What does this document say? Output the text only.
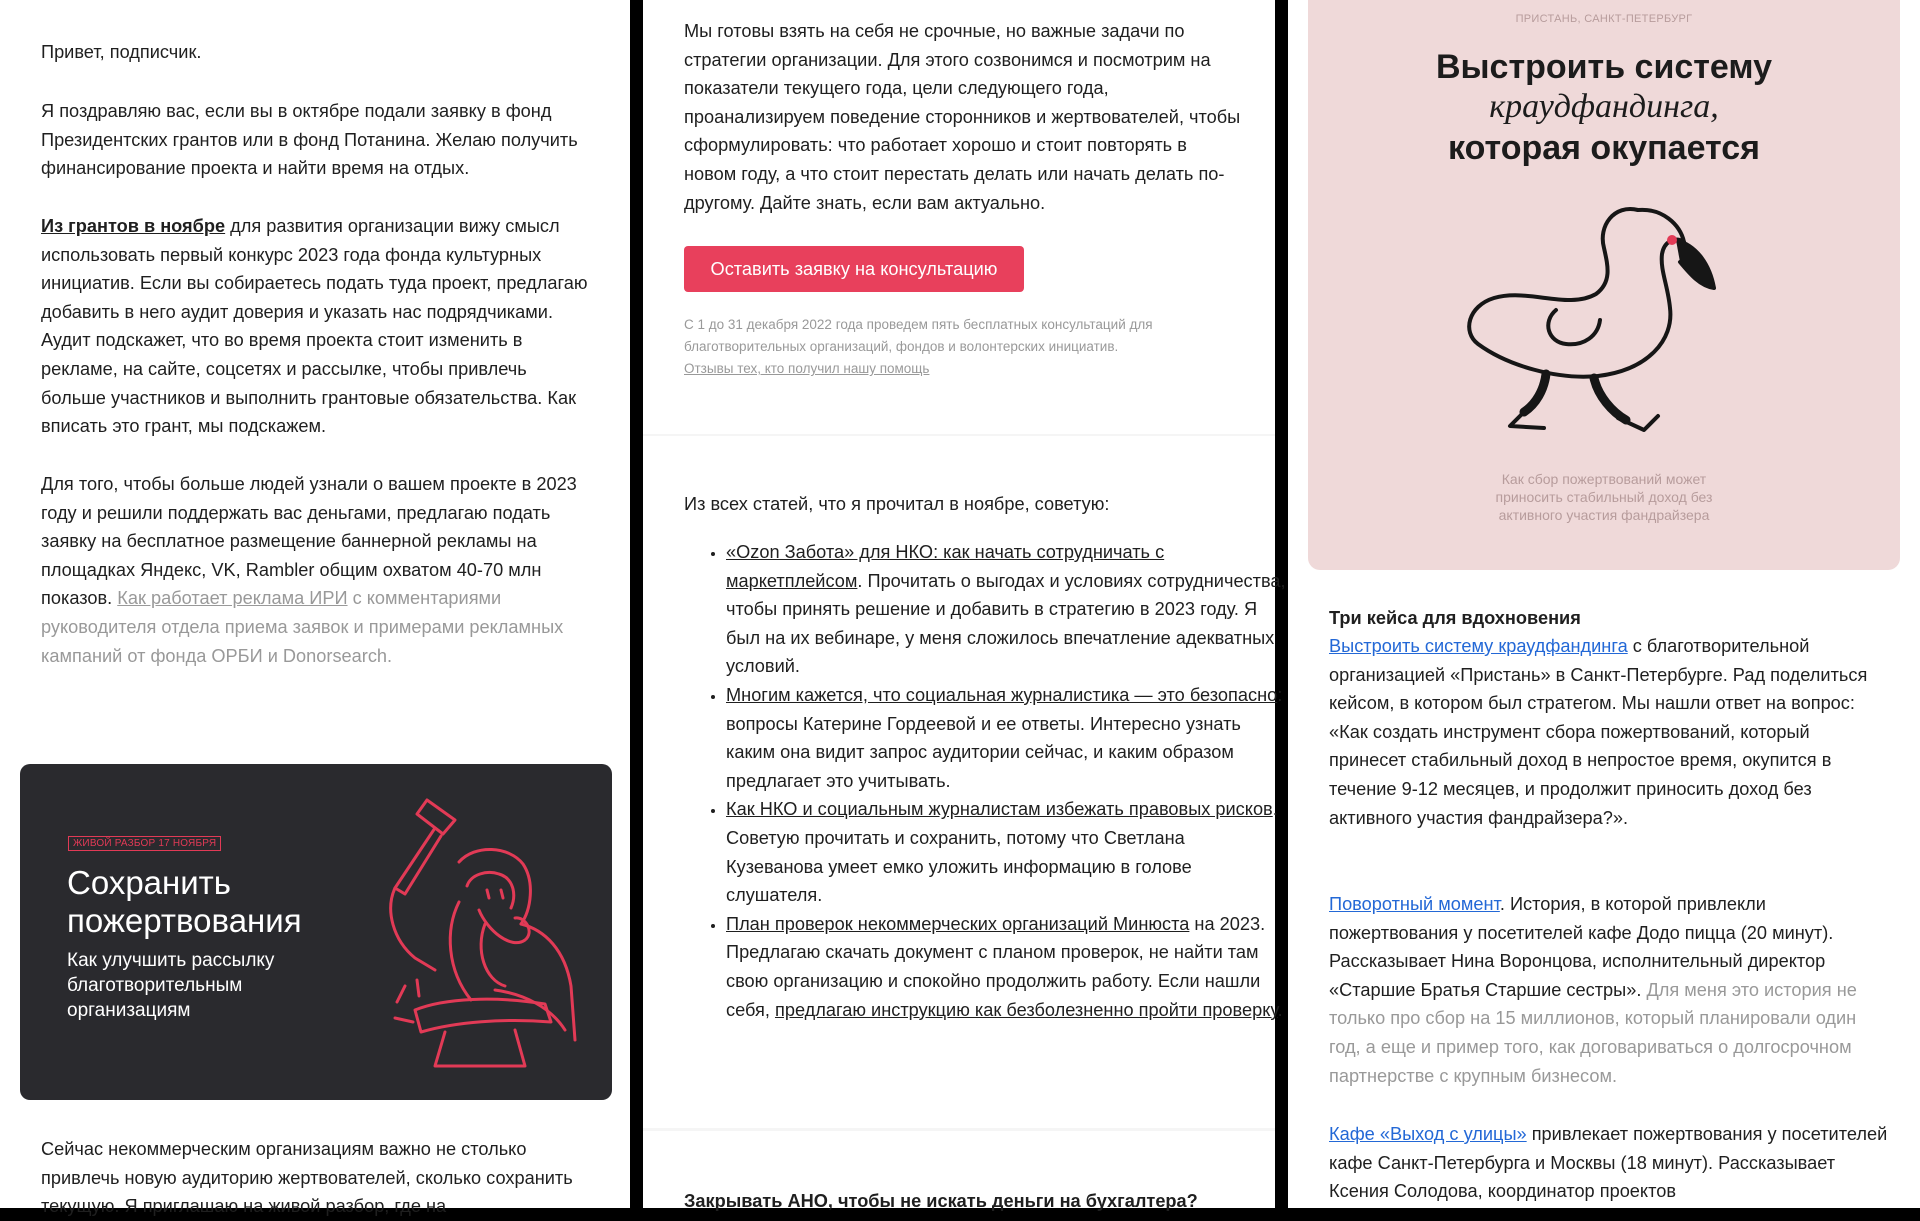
Привет, подписчик.

Я поздравляю вас, если вы в октябре подали заявку в фонд Президентских грантов или в фонд Потанина. Желаю получить финансирование проекта и найти время на отдых.

Из грантов в ноябре для развития организации вижу смысл использовать первый конкурс 2023 года фонда культурных инициатив. Если вы собираетесь подать туда проект, предлагаю добавить в него аудит доверия и указать нас подрядчиками. Аудит подскажет, что во время проекта стоит изменить в рекламе, на сайте, соцсетях и рассылке, чтобы привлечь больше участников и выполнить грантовые обязательства. Как вписать это грант, мы подскажем.

Для того, чтобы больше людей узнали о вашем проекте в 2023 году и решили поддержать вас деньгами, предлагаю подать заявку на бесплатное размещение баннерной рекламы на площадках Яндекс, VK, Rambler общим охватом 40-70 млн показов. Как работает реклама ИРИ с комментариями руководителя отдела приема заявок и примерами рекламных кампаний от фонда ОРБИ и Donorsearch.

ЖИВОЙ РАЗБОР 17 НОЯБРЯ
Сохранить пожертвования
Как улучшить рассылку благотворительным организациям

Сейчас некоммерческим организациям важно не столько привлечь новую аудиторию жертвователей, сколько сохранить текущую. Я приглашаю на живой разбор, где на

Мы готовы взять на себя не срочные, но важные задачи по стратегии организации. Для этого созвонимся и посмотрим на показатели текущего года, цели следующего года, проанализируем поведение сторонников и жертвователей, чтобы сформулировать: что работает хорошо и стоит повторять в новом году, а что стоит перестать делать или начать делать по-другому. Дайте знать, если вам актуально.

Оставить заявку на консультацию

С 1 до 31 декабря 2022 года проведем пять бесплатных консультаций для благотворительных организаций, фондов и волонтерских инициатив.
Отзывы тех, кто получил нашу помощь

Из всех статей, что я прочитал в ноябре, советую:

• «Ozon Забота» для НКО: как начать сотрудничать с маркетплейсом. Прочитать о выгодах и условиях сотрудничества, чтобы принять решение и добавить в стратегию в 2023 году. Я был на их вебинаре, у меня сложилось впечатление адекватных условий.
• Многим кажется, что социальная журналистика — это безопасно: вопросы Катерине Гордеевой и ее ответы. Интересно узнать каким она видит запрос аудитории сейчас, и каким образом предлагает это учитывать.
• Как НКО и социальным журналистам избежать правовых рисков. Советую прочитать и сохранить, потому что Светлана Кузеванова умеет емко уложить информацию в голове слушателя.
• План проверок некоммерческих организаций Минюста на 2023. Предлагаю скачать документ с планом проверок, не найти там свою организацию и спокойно продолжить работу. Если нашли себя, предлагаю инструкцию как безболезненно пройти проверку.

Закрывать АНО, чтобы не искать деньги на бухгалтера?

ПРИСТАНЬ, САНКТ-ПЕТЕРБУРГ
Выстроить систему
краудфандинга,
которая окупается
Как сбор пожертвований может приносить стабильный доход без активного участия фандрайзера

Три кейса для вдохновения

Выстроить систему краудфандинга с благотворительной организацией «Пристань» в Санкт-Петербурге. Рад поделиться кейсом, в котором был стратегом. Мы нашли ответ на вопрос: «Как создать инструмент сбора пожертвований, который принесет стабильный доход в непростое время, окупится в течение 9-12 месяцев, и продолжит приносить доход без активного участия фандрайзера?».

Поворотный момент. История, в которой привлекли пожертвования у посетителей кафе Додо пицца (20 минут). Рассказывает Нина Воронцова, исполнительный директор «Старшие Братья Старшие сестры». Для меня это история не только про сбор на 15 миллионов, который планировали один год, а еще и пример того, как договариваться о долгосрочном партнерстве с крупным бизнесом.

Кафе «Выход с улицы» привлекает пожертвования у посетителей кафе Санкт-Петербурга и Москвы (18 минут). Рассказывает Ксения Солодова, координатор проектов
